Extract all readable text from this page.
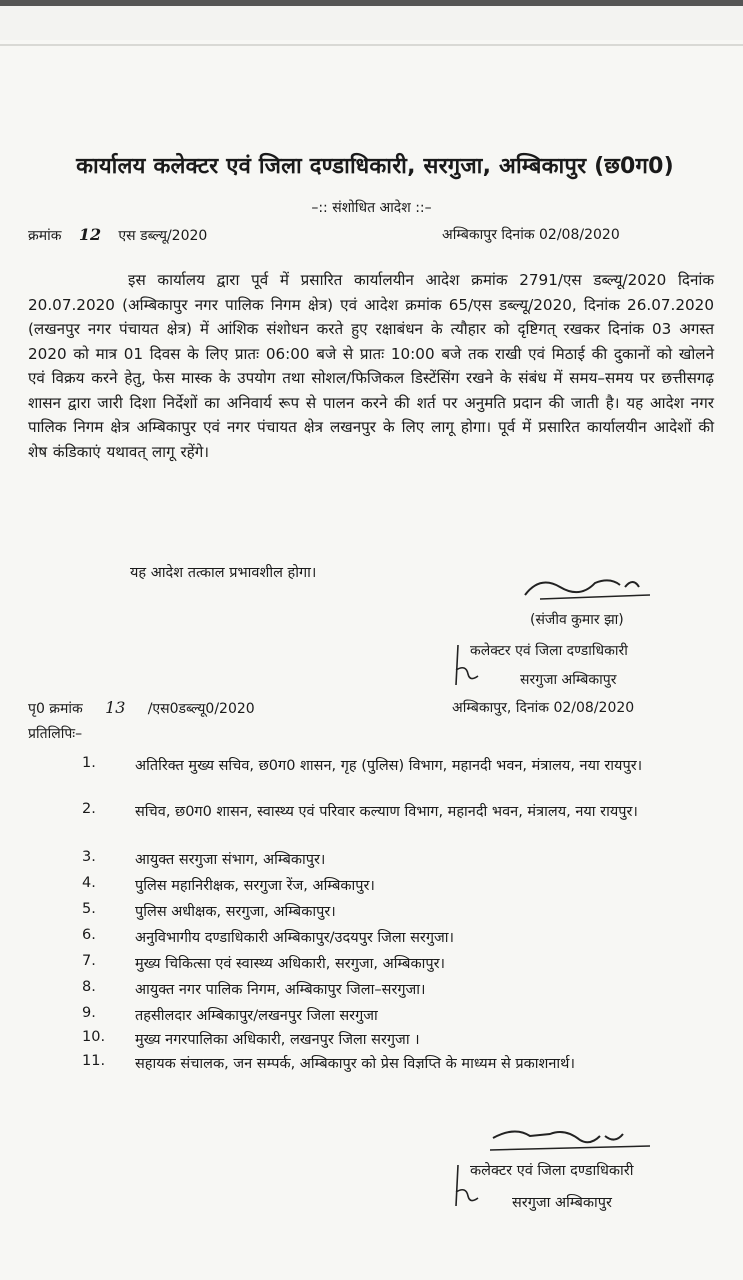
कार्यालय कलेक्टर एवं जिला दण्डाधिकारी, सरगुजा, अम्बिकापुर (छ0ग0)
–:: संशोधित आदेश ::–
क्रमांक 12 एस डब्ल्यू/2020	अम्बिकापुर दिनांक 02/08/2020
इस कार्यालय द्वारा पूर्व में प्रसारित कार्यालयीन आदेश क्रमांक 2791/एस डब्ल्यू/2020 दिनांक 20.07.2020 (अम्बिकापुर नगर पालिक निगम क्षेत्र) एवं आदेश क्रमांक 65/एस डब्ल्यू/2020, दिनांक 26.07.2020 (लखनपुर नगर पंचायत क्षेत्र) में आंशिक संशोधन करते हुए रक्षाबंधन के त्यौहार को दृष्टिगत् रखकर दिनांक 03 अगस्त 2020 को मात्र 01 दिवस के लिए प्रातः 06:00 बजे से प्रातः 10:00 बजे तक राखी एवं मिठाई की दुकानों को खोलने एवं विक्रय करने हेतु, फेस मास्क के उपयोग तथा सोशल/फिजिकल डिस्टेंसिंग रखने के संबंध में समय–समय पर छत्तीसगढ़ शासन द्वारा जारी दिशा निर्देशों का अनिवार्य रूप से पालन करने की शर्त पर अनुमति प्रदान की जाती है। यह आदेश नगर पालिक निगम क्षेत्र अम्बिकापुर एवं नगर पंचायत क्षेत्र लखनपुर के लिए लागू होगा। पूर्व में प्रसारित कार्यालयीन आदेशों की शेष कंडिकाएं यथावत् लागू रहेंगे।
यह आदेश तत्काल प्रभावशील होगा।
(संजीव कुमार झा)
कलेक्टर एवं जिला दण्डाधिकारी
सरगुजा अम्बिकापुर
पृ0 क्रमांक 13 /एस0डब्ल्यू0/2020	अम्बिकापुर, दिनांक 02/08/2020
प्रतिलिपिः–
1.	अतिरिक्त मुख्य सचिव, छ0ग0 शासन, गृह (पुलिस) विभाग, महानदी भवन, मंत्रालय, नया रायपुर।
2.	सचिव, छ0ग0 शासन, स्वास्थ्य एवं परिवार कल्याण विभाग, महानदी भवन, मंत्रालय, नया रायपुर।
3.	आयुक्त सरगुजा संभाग, अम्बिकापुर।
4.	पुलिस महानिरीक्षक, सरगुजा रेंज, अम्बिकापुर।
5.	पुलिस अधीक्षक, सरगुजा, अम्बिकापुर।
6.	अनुविभागीय दण्डाधिकारी अम्बिकापुर/उदयपुर जिला सरगुजा।
7.	मुख्य चिकित्सा एवं स्वास्थ्य अधिकारी, सरगुजा, अम्बिकापुर।
8.	आयुक्त नगर पालिक निगम, अम्बिकापुर जिला–सरगुजा।
9.	तहसीलदार अम्बिकापुर/लखनपुर जिला सरगुजा
10.	मुख्य नगरपालिका अधिकारी, लखनपुर जिला सरगुजा ।
11.	सहायक संचालक, जन सम्पर्क, अम्बिकापुर को प्रेस विज्ञप्ति के माध्यम से प्रकाशनार्थ।
कलेक्टर एवं जिला दण्डाधिकारी
सरगुजा अम्बिकापुर
